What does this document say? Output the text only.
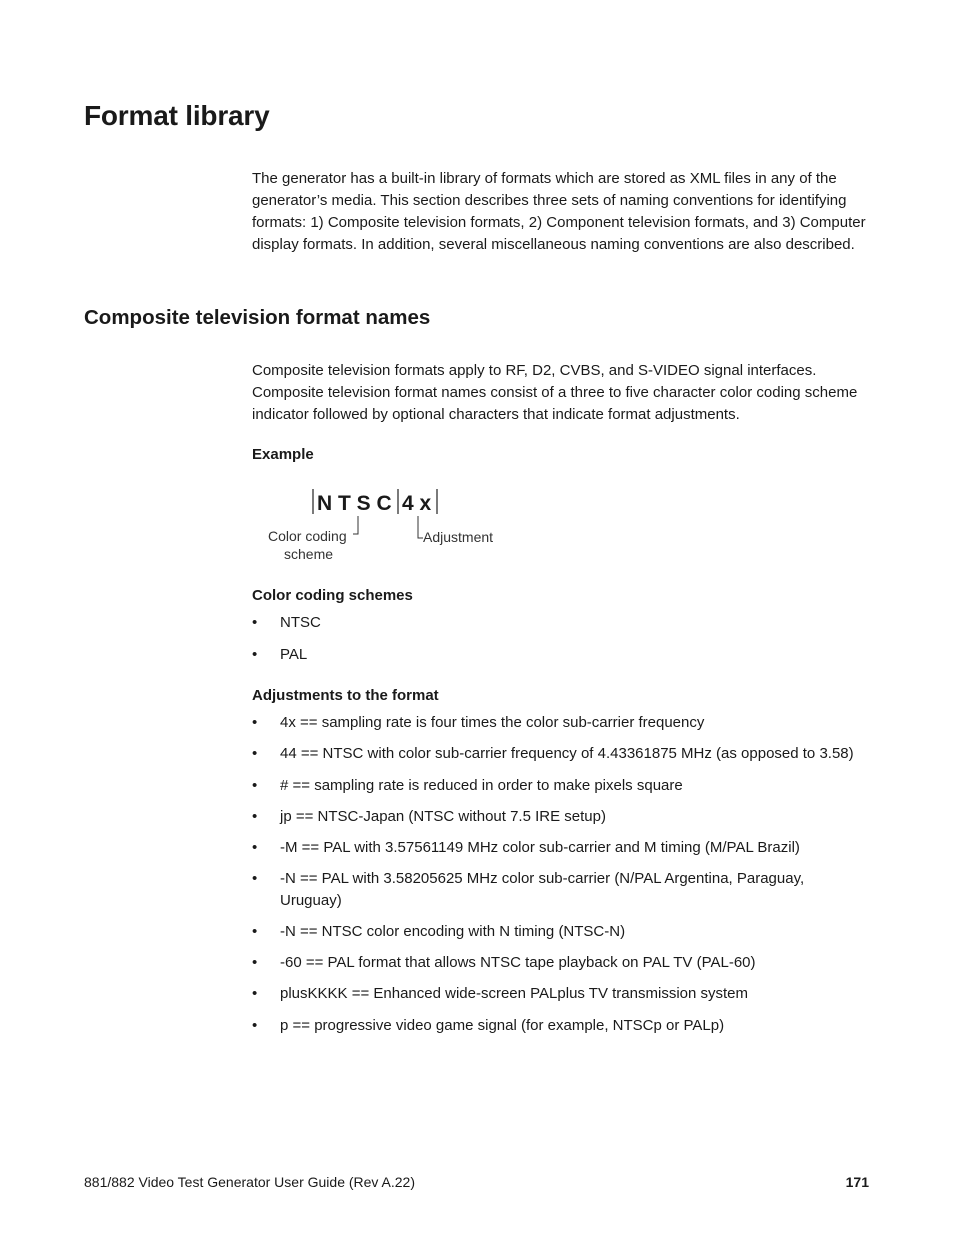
Format library

The generator has a built-in library of formats which are stored as XML files in any of the generator’s media. This section describes three sets of naming conventions for identifying formats: 1) Composite television formats, 2) Component television formats, and 3) Computer display formats. In addition, several miscellaneous naming conventions are also described.

Composite television format names

Composite television formats apply to RF, D2, CVBS, and S-VIDEO signal interfaces. Composite television format names consist of a three to five character color coding scheme indicator followed by optional characters that indicate format adjustments.

Example
N T S C 4 x
Color coding
scheme
Adjustment
Color coding schemes
• NTSC
• PAL
Adjustments to the format
• 4x == sampling rate is four times the color sub-carrier frequency
• 44 == NTSC with color sub-carrier frequency of 4.43361875 MHz (as opposed to 3.58)
• # == sampling rate is reduced in order to make pixels square
• jp == NTSC-Japan (NTSC without 7.5 IRE setup)
• -M == PAL with 3.57561149 MHz color sub-carrier and M timing (M/PAL Brazil)
• -N == PAL with 3.58205625 MHz color sub-carrier (N/PAL Argentina, Paraguay, Uruguay)
• -N == NTSC color encoding with N timing (NTSC-N)
• -60 == PAL format that allows NTSC tape playback on PAL TV (PAL-60)
• plusKKKK == Enhanced wide-screen PALplus TV transmission system
• p == progressive video game signal (for example, NTSCp or PALp)
881/882 Video Test Generator User Guide (Rev A.22)	171
